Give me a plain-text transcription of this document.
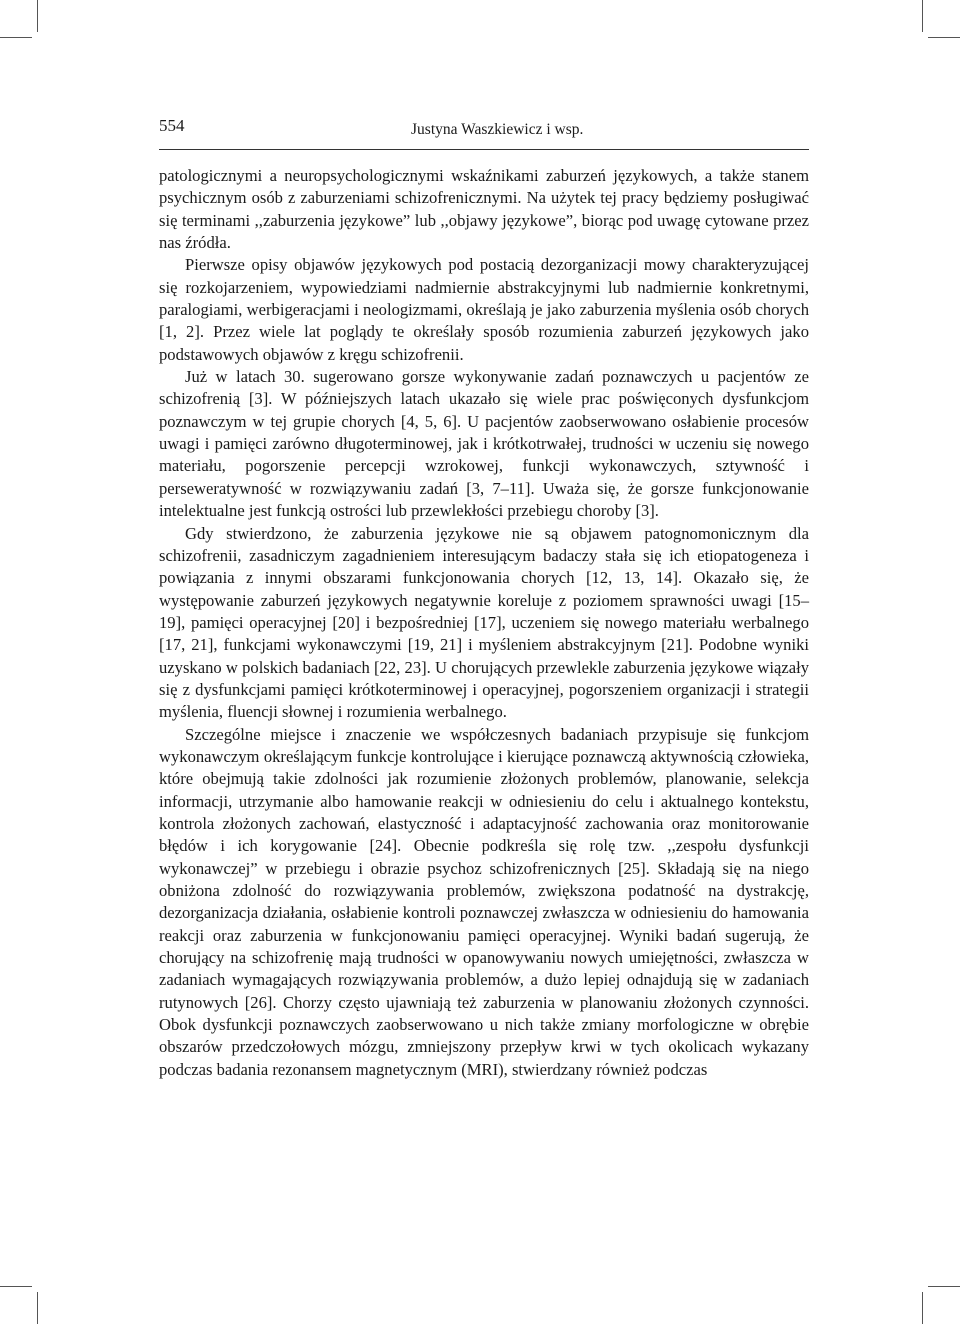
554	Justyna Waszkiewicz i wsp.

patologicznymi a neuropsychologicznymi wskaźnikami zaburzeń językowych, a także stanem psychicznym osób z zaburzeniami schizofrenicznymi. Na użytek tej pracy będziemy posługiwać się terminami ,,zaburzenia językowe” lub ,,objawy językowe”, biorąc pod uwagę cytowane przez nas źródła.

Pierwsze opisy objawów językowych pod postacią dezorganizacji mowy charakteryzującej się rozkojarzeniem, wypowiedziami nadmiernie abstrakcyjnymi lub nadmiernie konkretnymi, paralogiami, werbigeracjami i neologizmami, określają je jako zaburzenia myślenia osób chorych [1, 2]. Przez wiele lat poglądy te określały sposób rozumienia zaburzeń językowych jako podstawowych objawów z kręgu schizofrenii.

Już w latach 30. sugerowano gorsze wykonywanie zadań poznawczych u pacjentów ze schizofrenią [3]. W późniejszych latach ukazało się wiele prac poświęconych dysfunkcjom poznawczym w tej grupie chorych [4, 5, 6]. U pacjentów zaobserwowano osłabienie procesów uwagi i pamięci zarówno długoterminowej, jak i krótkotrwałej, trudności w uczeniu się nowego materiału, pogorszenie percepcji wzrokowej, funkcji wykonawczych, sztywność i perseweratywność w rozwiązywaniu zadań [3, 7–11]. Uważa się, że gorsze funkcjonowanie intelektualne jest funkcją ostrości lub przewlekłości przebiegu choroby [3].

Gdy stwierdzono, że zaburzenia językowe nie są objawem patognomonicznym dla schizofrenii, zasadniczym zagadnieniem interesującym badaczy stała się ich etiopatogeneza i powiązania z innymi obszarami funkcjonowania chorych [12, 13, 14]. Okazało się, że występowanie zaburzeń językowych negatywnie koreluje z poziomem sprawności uwagi [15–19], pamięci operacyjnej [20] i bezpośredniej [17], uczeniem się nowego materiału werbalnego [17, 21], funkcjami wykonawczymi [19, 21] i myśleniem abstrakcyjnym [21]. Podobne wyniki uzyskano w polskich badaniach [22, 23]. U chorujących przewlekle zaburzenia językowe wiązały się z dysfunkcjami pamięci krótkoterminowej i operacyjnej, pogorszeniem organizacji i strategii myślenia, fluencji słownej i rozumienia werbalnego.

Szczególne miejsce i znaczenie we współczesnych badaniach przypisuje się funkcjom wykonawczym określającym funkcje kontrolujące i kierujące poznawczą aktywnością człowieka, które obejmują takie zdolności jak rozumienie złożonych problemów, planowanie, selekcja informacji, utrzymanie albo hamowanie reakcji w odniesieniu do celu i aktualnego kontekstu, kontrola złożonych zachowań, elastyczność i adaptacyjność zachowania oraz monitorowanie błędów i ich korygowanie [24]. Obecnie podkreśla się rolę tzw. ,,zespołu dysfunkcji wykonawczej” w przebiegu i obrazie psychoz schizofrenicznych [25]. Składają się na niego obniżona zdolność do rozwiązywania problemów, zwiększona podatność na dystrakcję, dezorganizacja działania, osłabienie kontroli poznawczej zwłaszcza w odniesieniu do hamowania reakcji oraz zaburzenia w funkcjonowaniu pamięci operacyjnej. Wyniki badań sugerują, że chorujący na schizofrenię mają trudności w opanowywaniu nowych umiejętności, zwłaszcza w zadaniach wymagających rozwiązywania problemów, a dużo lepiej odnajdują się w zadaniach rutynowych [26]. Chorzy często ujawniają też zaburzenia w planowaniu złożonych czynności. Obok dysfunkcji poznawczych zaobserwowano u nich także zmiany morfologiczne w obrębie obszarów przedczołowych mózgu, zmniejszony przepływ krwi w tych okolicach wykazany podczas badania rezonansem magnetycznym (MRI), stwierdzany również podczas
